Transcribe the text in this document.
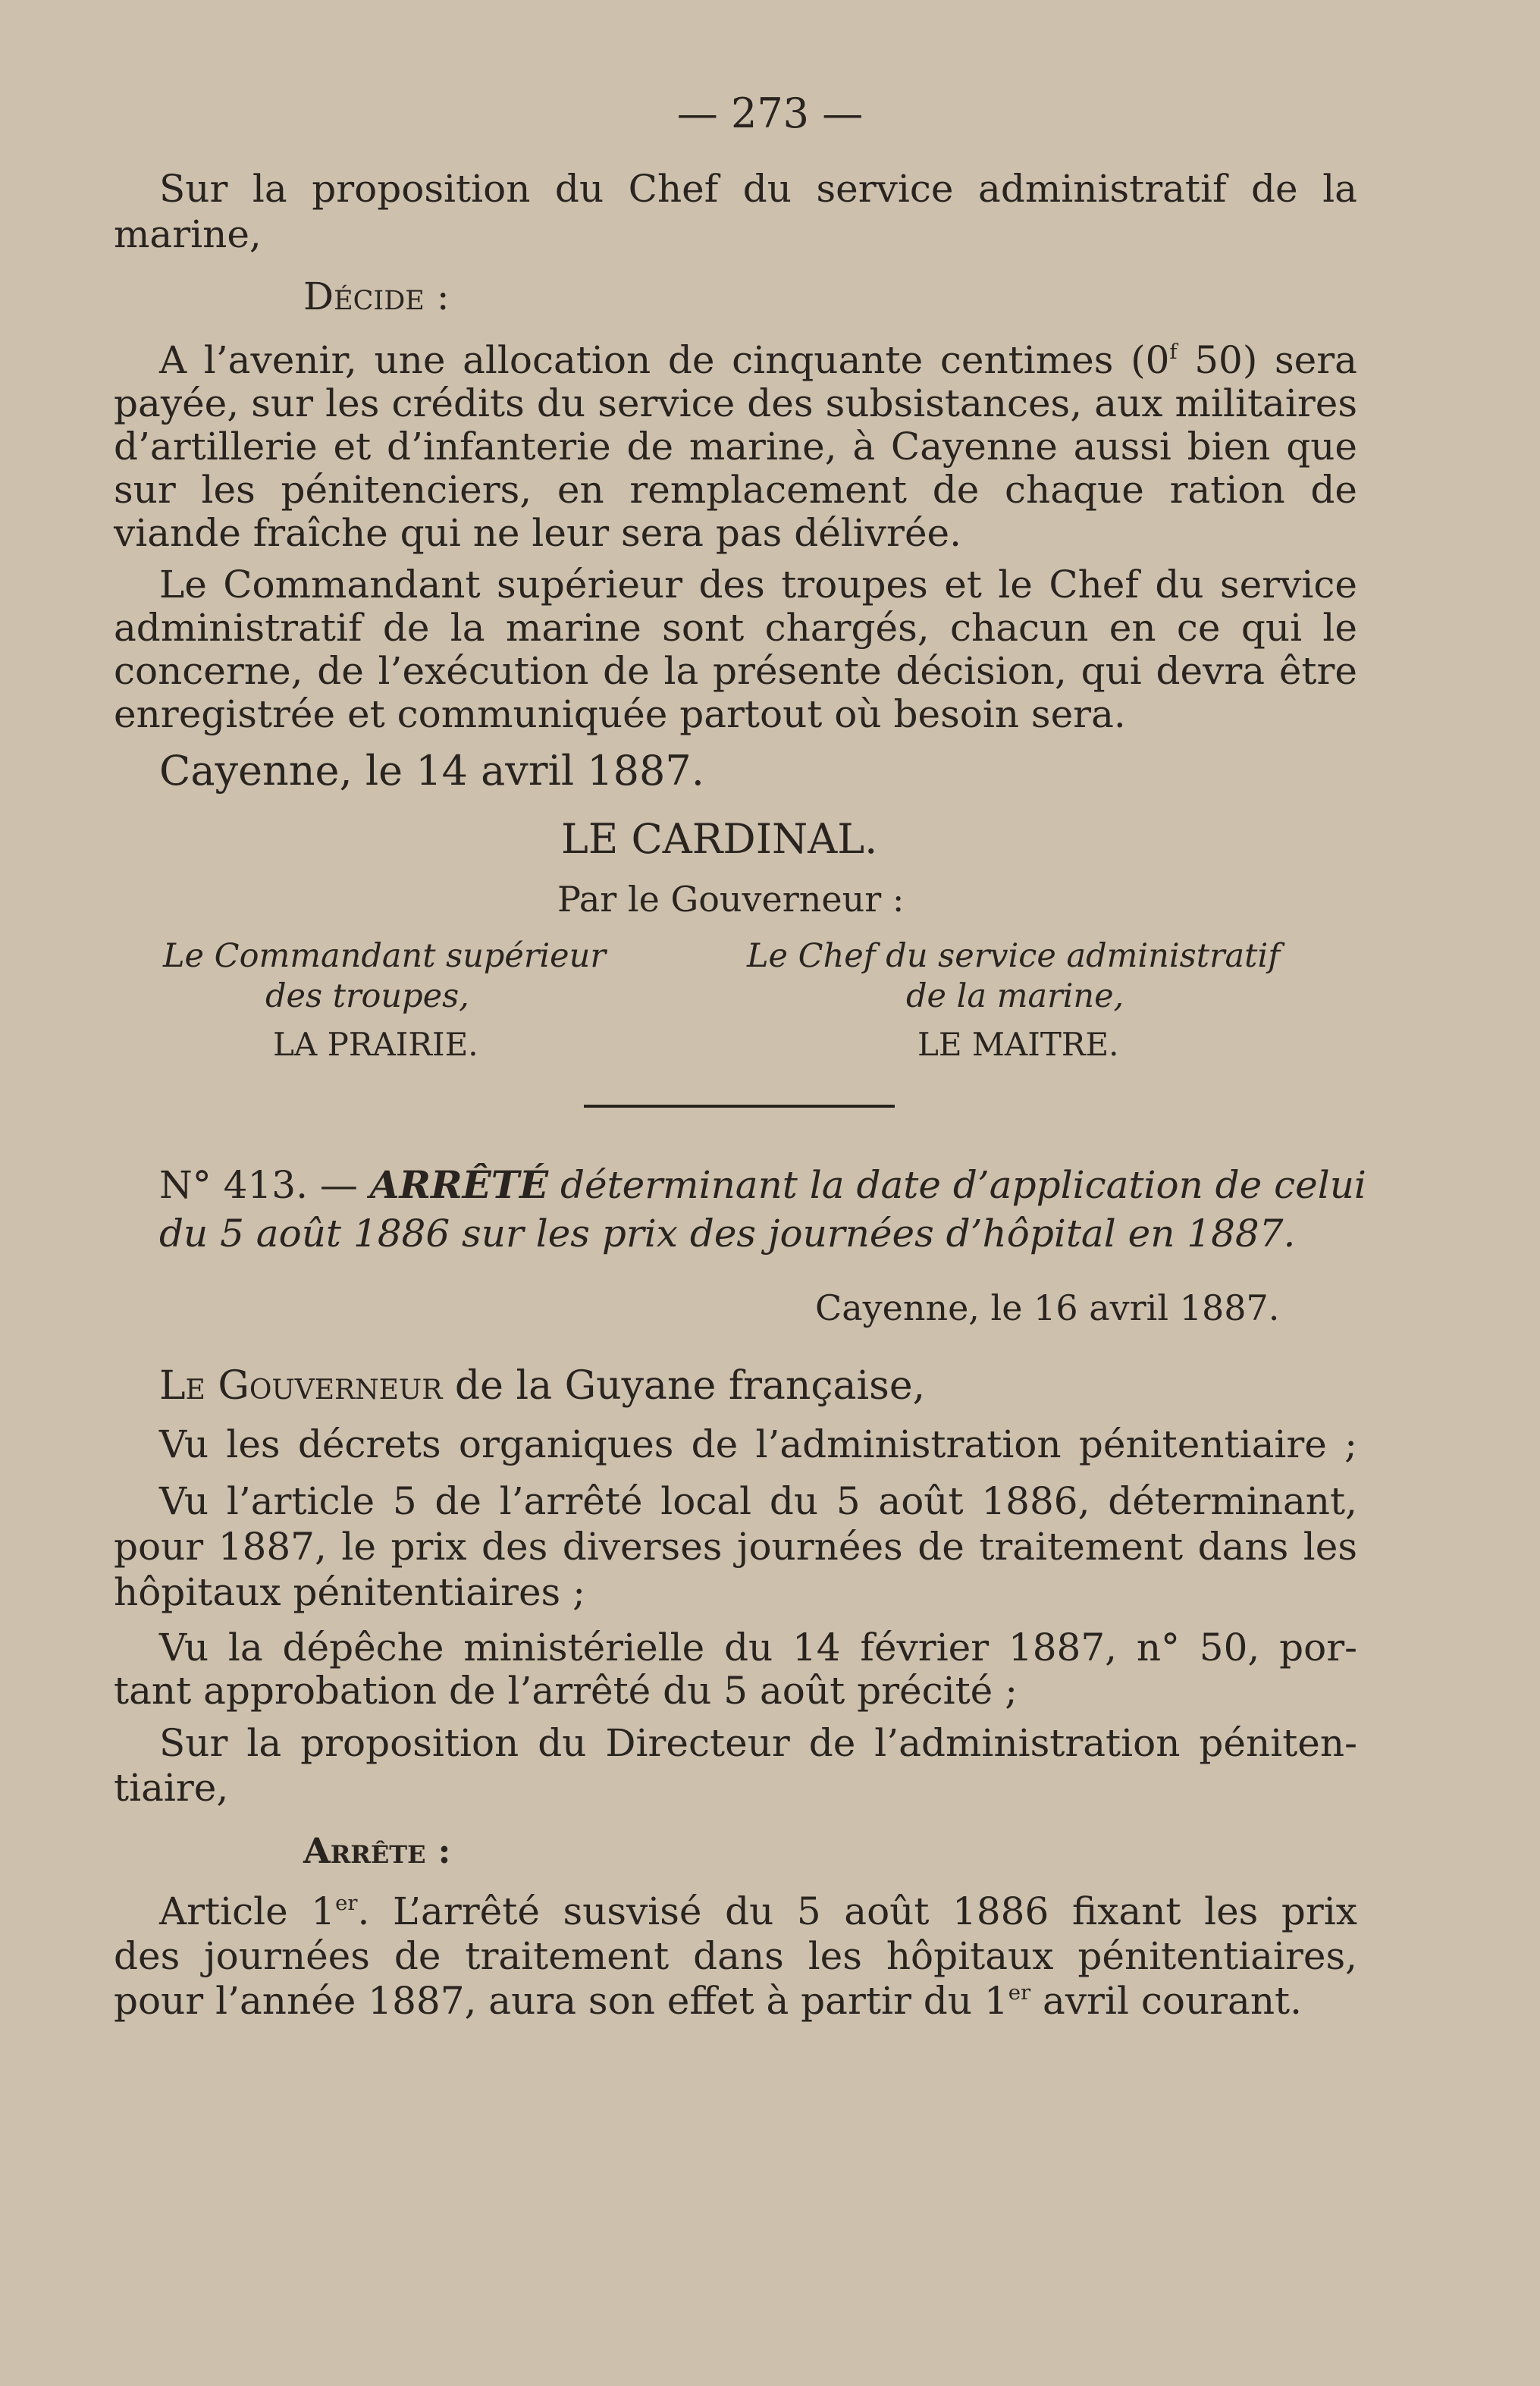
— 273 —
Sur la proposition du Chef du service administratif de la
marine,
Décide :
A l’avenir, une allocation de cinquante centimes (0$^f$ 50) sera
payée, sur les crédits du service des subsistances, aux militaires
d’artillerie et d’infanterie de marine, à Cayenne aussi bien que
sur les pénitenciers, en remplacement de chaque ration de
viande fraîche qui ne leur sera pas délivrée.
Le Commandant supérieur des troupes et le Chef du service
administratif de la marine sont chargés, chacun en ce qui le
concerne, de l’exécution de la présente décision, qui devra être
enregistrée et communiquée partout où besoin sera.
Cayenne, le 14 avril 1887.
LE CARDINAL.
Par le Gouverneur :
Le Commandant supérieur
des troupes,
LA PRAIRIE.
Le Chef du service administratif
de la marine,
LE MAITRE.
N° 413. — ARRÊTÉ déterminant la date d’application de celui
du 5 août 1886 sur les prix des journées d’hôpital en 1887.
Cayenne, le 16 avril 1887.
Le Gouverneur de la Guyane française,
Vu les décrets organiques de l’administration pénitentiaire ;
Vu l’article 5 de l’arrêté local du 5 août 1886, déterminant,
pour 1887, le prix des diverses journées de traitement dans les
hôpitaux pénitentiaires ;
Vu la dépêche ministérielle du 14 février 1887, n° 50, por-
tant approbation de l’arrêté du 5 août précité ;
Sur la proposition du Directeur de l’administration péniten-
tiaire,
Arrête :
Article 1er. L’arrêté susvisé du 5 août 1886 fixant les prix
des journées de traitement dans les hôpitaux pénitentiaires,
pour l’année 1887, aura son effet à partir du 1er avril courant.
